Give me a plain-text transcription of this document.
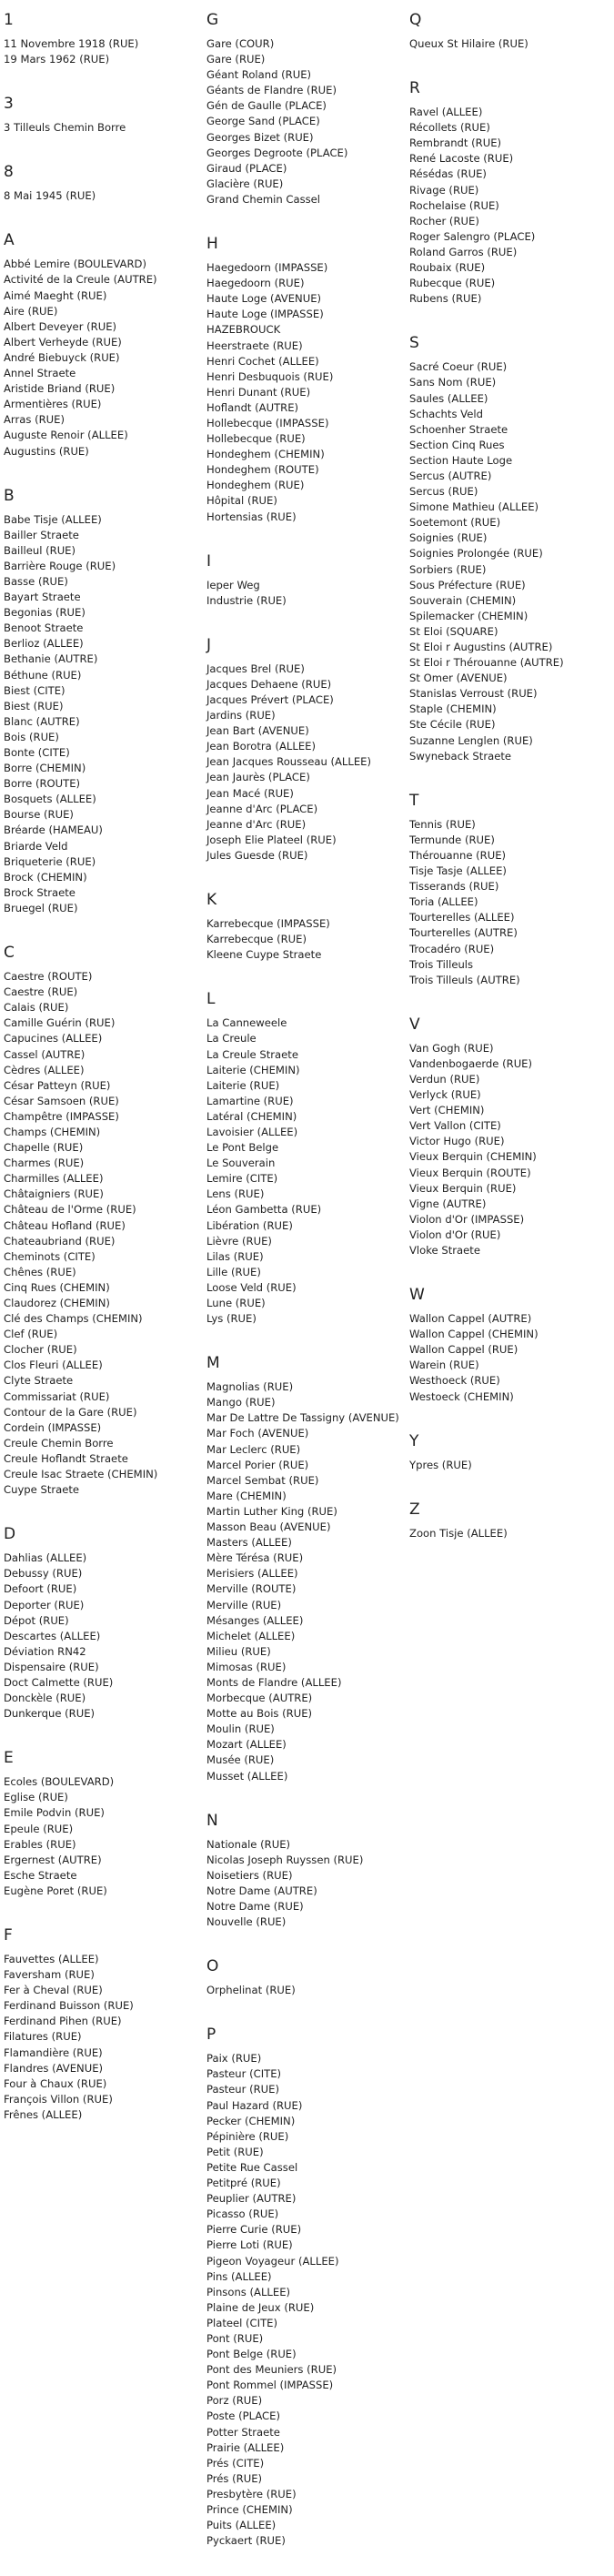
1
11 Novembre 1918 (RUE)
19 Mars 1962 (RUE)
3
3 Tilleuls Chemin Borre
8
8 Mai 1945 (RUE)
A
Abbé Lemire (BOULEVARD)
Activité de la Creule (AUTRE)
Aimé Maeght (RUE)
Aire (RUE)
Albert Deveyer (RUE)
Albert Verheyde (RUE)
André Biebuyck (RUE)
Annel Straete
Aristide Briand (RUE)
Armentières (RUE)
Arras (RUE)
Auguste Renoir (ALLEE)
Augustins (RUE)
B
Babe Tisje (ALLEE)
Bailler Straete
Bailleul (RUE)
Barrière Rouge (RUE)
Basse (RUE)
Bayart Straete
Begonias (RUE)
Benoot Straete
Berlioz (ALLEE)
Bethanie (AUTRE)
Béthune (RUE)
Biest (CITE)
Biest (RUE)
Blanc (AUTRE)
Bois (RUE)
Bonte (CITE)
Borre (CHEMIN)
Borre (ROUTE)
Bosquets (ALLEE)
Bourse (RUE)
Bréarde (HAMEAU)
Briarde Veld
Briqueterie (RUE)
Brock (CHEMIN)
Brock Straete
Bruegel (RUE)
C
Caestre (ROUTE)
Caestre (RUE)
Calais (RUE)
Camille Guérin (RUE)
Capucines (ALLEE)
Cassel (AUTRE)
Cèdres (ALLEE)
César Patteyn (RUE)
César Samsoen (RUE)
Champêtre (IMPASSE)
Champs (CHEMIN)
Chapelle (RUE)
Charmes (RUE)
Charmilles (ALLEE)
Châtaigniers (RUE)
Château de l'Orme (RUE)
Château Hofland (RUE)
Chateaubriand (RUE)
Cheminots (CITE)
Chênes (RUE)
Cinq Rues (CHEMIN)
Claudorez (CHEMIN)
Clé des Champs (CHEMIN)
Clef (RUE)
Clocher (RUE)
Clos Fleuri (ALLEE)
Clyte Straete
Commissariat (RUE)
Contour de la Gare (RUE)
Cordein (IMPASSE)
Creule Chemin Borre
Creule Hoflandt Straete
Creule Isac Straete (CHEMIN)
Cuype Straete
D
Dahlias (ALLEE)
Debussy (RUE)
Defoort (RUE)
Deporter (RUE)
Dépot (RUE)
Descartes (ALLEE)
Déviation RN42
Dispensaire (RUE)
Doct Calmette (RUE)
Donckèle (RUE)
Dunkerque (RUE)
E
Ecoles (BOULEVARD)
Eglise (RUE)
Emile Podvin (RUE)
Epeule (RUE)
Erables (RUE)
Ergernest (AUTRE)
Esche Straete
Eugène Poret (RUE)
F
Fauvettes (ALLEE)
Faversham (RUE)
Fer à Cheval (RUE)
Ferdinand Buisson (RUE)
Ferdinand Pihen (RUE)
Filatures (RUE)
Flamandière (RUE)
Flandres (AVENUE)
Four à Chaux (RUE)
François Villon (RUE)
Frênes (ALLEE)
G
Gare (COUR)
Gare (RUE)
Géant Roland (RUE)
Géants de Flandre (RUE)
Gén de Gaulle (PLACE)
George Sand (PLACE)
Georges Bizet (RUE)
Georges Degroote (PLACE)
Giraud (PLACE)
Glacière (RUE)
Grand Chemin Cassel
H
Haegedoorn (IMPASSE)
Haegedoorn (RUE)
Haute Loge (AVENUE)
Haute Loge (IMPASSE)
HAZEBROUCK
Heerstraete (RUE)
Henri Cochet (ALLEE)
Henri Desbuquois (RUE)
Henri Dunant (RUE)
Hoflandt (AUTRE)
Hollebecque (IMPASSE)
Hollebecque (RUE)
Hondeghem (CHEMIN)
Hondeghem (ROUTE)
Hondeghem (RUE)
Hôpital (RUE)
Hortensias (RUE)
I
Ieper Weg
Industrie (RUE)
J
Jacques Brel (RUE)
Jacques Dehaene (RUE)
Jacques Prévert (PLACE)
Jardins (RUE)
Jean Bart (AVENUE)
Jean Borotra (ALLEE)
Jean Jacques Rousseau (ALLEE)
Jean Jaurès (PLACE)
Jean Macé (RUE)
Jeanne d'Arc (PLACE)
Jeanne d'Arc (RUE)
Joseph Elie Plateel (RUE)
Jules Guesde (RUE)
K
Karrebecque (IMPASSE)
Karrebecque (RUE)
Kleene Cuype Straete
L
La Canneweele
La Creule
La Creule Straete
Laiterie (CHEMIN)
Laiterie (RUE)
Lamartine (RUE)
Latéral (CHEMIN)
Lavoisier (ALLEE)
Le Pont Belge
Le Souverain
Lemire (CITE)
Lens (RUE)
Léon Gambetta (RUE)
Libération (RUE)
Lièvre (RUE)
Lilas (RUE)
Lille (RUE)
Loose Veld (RUE)
Lune (RUE)
Lys (RUE)
M
Magnolias (RUE)
Mango (RUE)
Mar De Lattre De Tassigny (AVENUE)
Mar Foch (AVENUE)
Mar Leclerc (RUE)
Marcel Porier (RUE)
Marcel Sembat (RUE)
Mare (CHEMIN)
Martin Luther King (RUE)
Masson Beau (AVENUE)
Masters (ALLEE)
Mère Térésa (RUE)
Merisiers (ALLEE)
Merville (ROUTE)
Merville (RUE)
Mésanges (ALLEE)
Michelet (ALLEE)
Milieu (RUE)
Mimosas (RUE)
Monts de Flandre (ALLEE)
Morbecque (AUTRE)
Motte au Bois (RUE)
Moulin (RUE)
Mozart (ALLEE)
Musée (RUE)
Musset (ALLEE)
N
Nationale (RUE)
Nicolas Joseph Ruyssen (RUE)
Noisetiers (RUE)
Notre Dame (AUTRE)
Notre Dame (RUE)
Nouvelle (RUE)
O
Orphelinat (RUE)
P
Paix (RUE)
Pasteur (CITE)
Pasteur (RUE)
Paul Hazard (RUE)
Pecker (CHEMIN)
Pépinière (RUE)
Petit (RUE)
Petite Rue Cassel
Petitpré (RUE)
Peuplier (AUTRE)
Picasso (RUE)
Pierre Curie (RUE)
Pierre Loti (RUE)
Pigeon Voyageur (ALLEE)
Pins (ALLEE)
Pinsons (ALLEE)
Plaine de Jeux (RUE)
Plateel (CITE)
Pont (RUE)
Pont Belge (RUE)
Pont des Meuniers (RUE)
Pont Rommel (IMPASSE)
Porz (RUE)
Poste (PLACE)
Potter Straete
Prairie (ALLEE)
Prés (CITE)
Prés (RUE)
Presbytère (RUE)
Prince (CHEMIN)
Puits (ALLEE)
Pyckaert (RUE)
Q
Queux St Hilaire (RUE)
R
Ravel (ALLEE)
Récollets (RUE)
Rembrandt (RUE)
René Lacoste (RUE)
Résédas (RUE)
Rivage (RUE)
Rochelaise (RUE)
Rocher (RUE)
Roger Salengro (PLACE)
Roland Garros (RUE)
Roubaix (RUE)
Rubecque (RUE)
Rubens (RUE)
S
Sacré Coeur (RUE)
Sans Nom (RUE)
Saules (ALLEE)
Schachts Veld
Schoenher Straete
Section Cinq Rues
Section Haute Loge
Sercus (AUTRE)
Sercus (RUE)
Simone Mathieu (ALLEE)
Soetemont (RUE)
Soignies (RUE)
Soignies Prolongée (RUE)
Sorbiers (RUE)
Sous Préfecture (RUE)
Souverain (CHEMIN)
Spilemacker (CHEMIN)
St Eloi (SQUARE)
St Eloi r Augustins (AUTRE)
St Eloi r Thérouanne (AUTRE)
St Omer (AVENUE)
Stanislas Verroust (RUE)
Staple (CHEMIN)
Ste Cécile (RUE)
Suzanne Lenglen (RUE)
Swyneback Straete
T
Tennis (RUE)
Termunde (RUE)
Thérouanne (RUE)
Tisje Tasje (ALLEE)
Tisserands (RUE)
Toria (ALLEE)
Tourterelles (ALLEE)
Tourterelles (AUTRE)
Trocadéro (RUE)
Trois Tilleuls
Trois Tilleuls (AUTRE)
V
Van Gogh (RUE)
Vandenbogaerde (RUE)
Verdun (RUE)
Verlyck (RUE)
Vert (CHEMIN)
Vert Vallon (CITE)
Victor Hugo (RUE)
Vieux Berquin (CHEMIN)
Vieux Berquin (ROUTE)
Vieux Berquin (RUE)
Vigne (AUTRE)
Violon d'Or (IMPASSE)
Violon d'Or (RUE)
Vloke Straete
W
Wallon Cappel (AUTRE)
Wallon Cappel (CHEMIN)
Wallon Cappel (RUE)
Warein (RUE)
Westhoeck (RUE)
Westoeck (CHEMIN)
Y
Ypres (RUE)
Z
Zoon Tisje (ALLEE)
